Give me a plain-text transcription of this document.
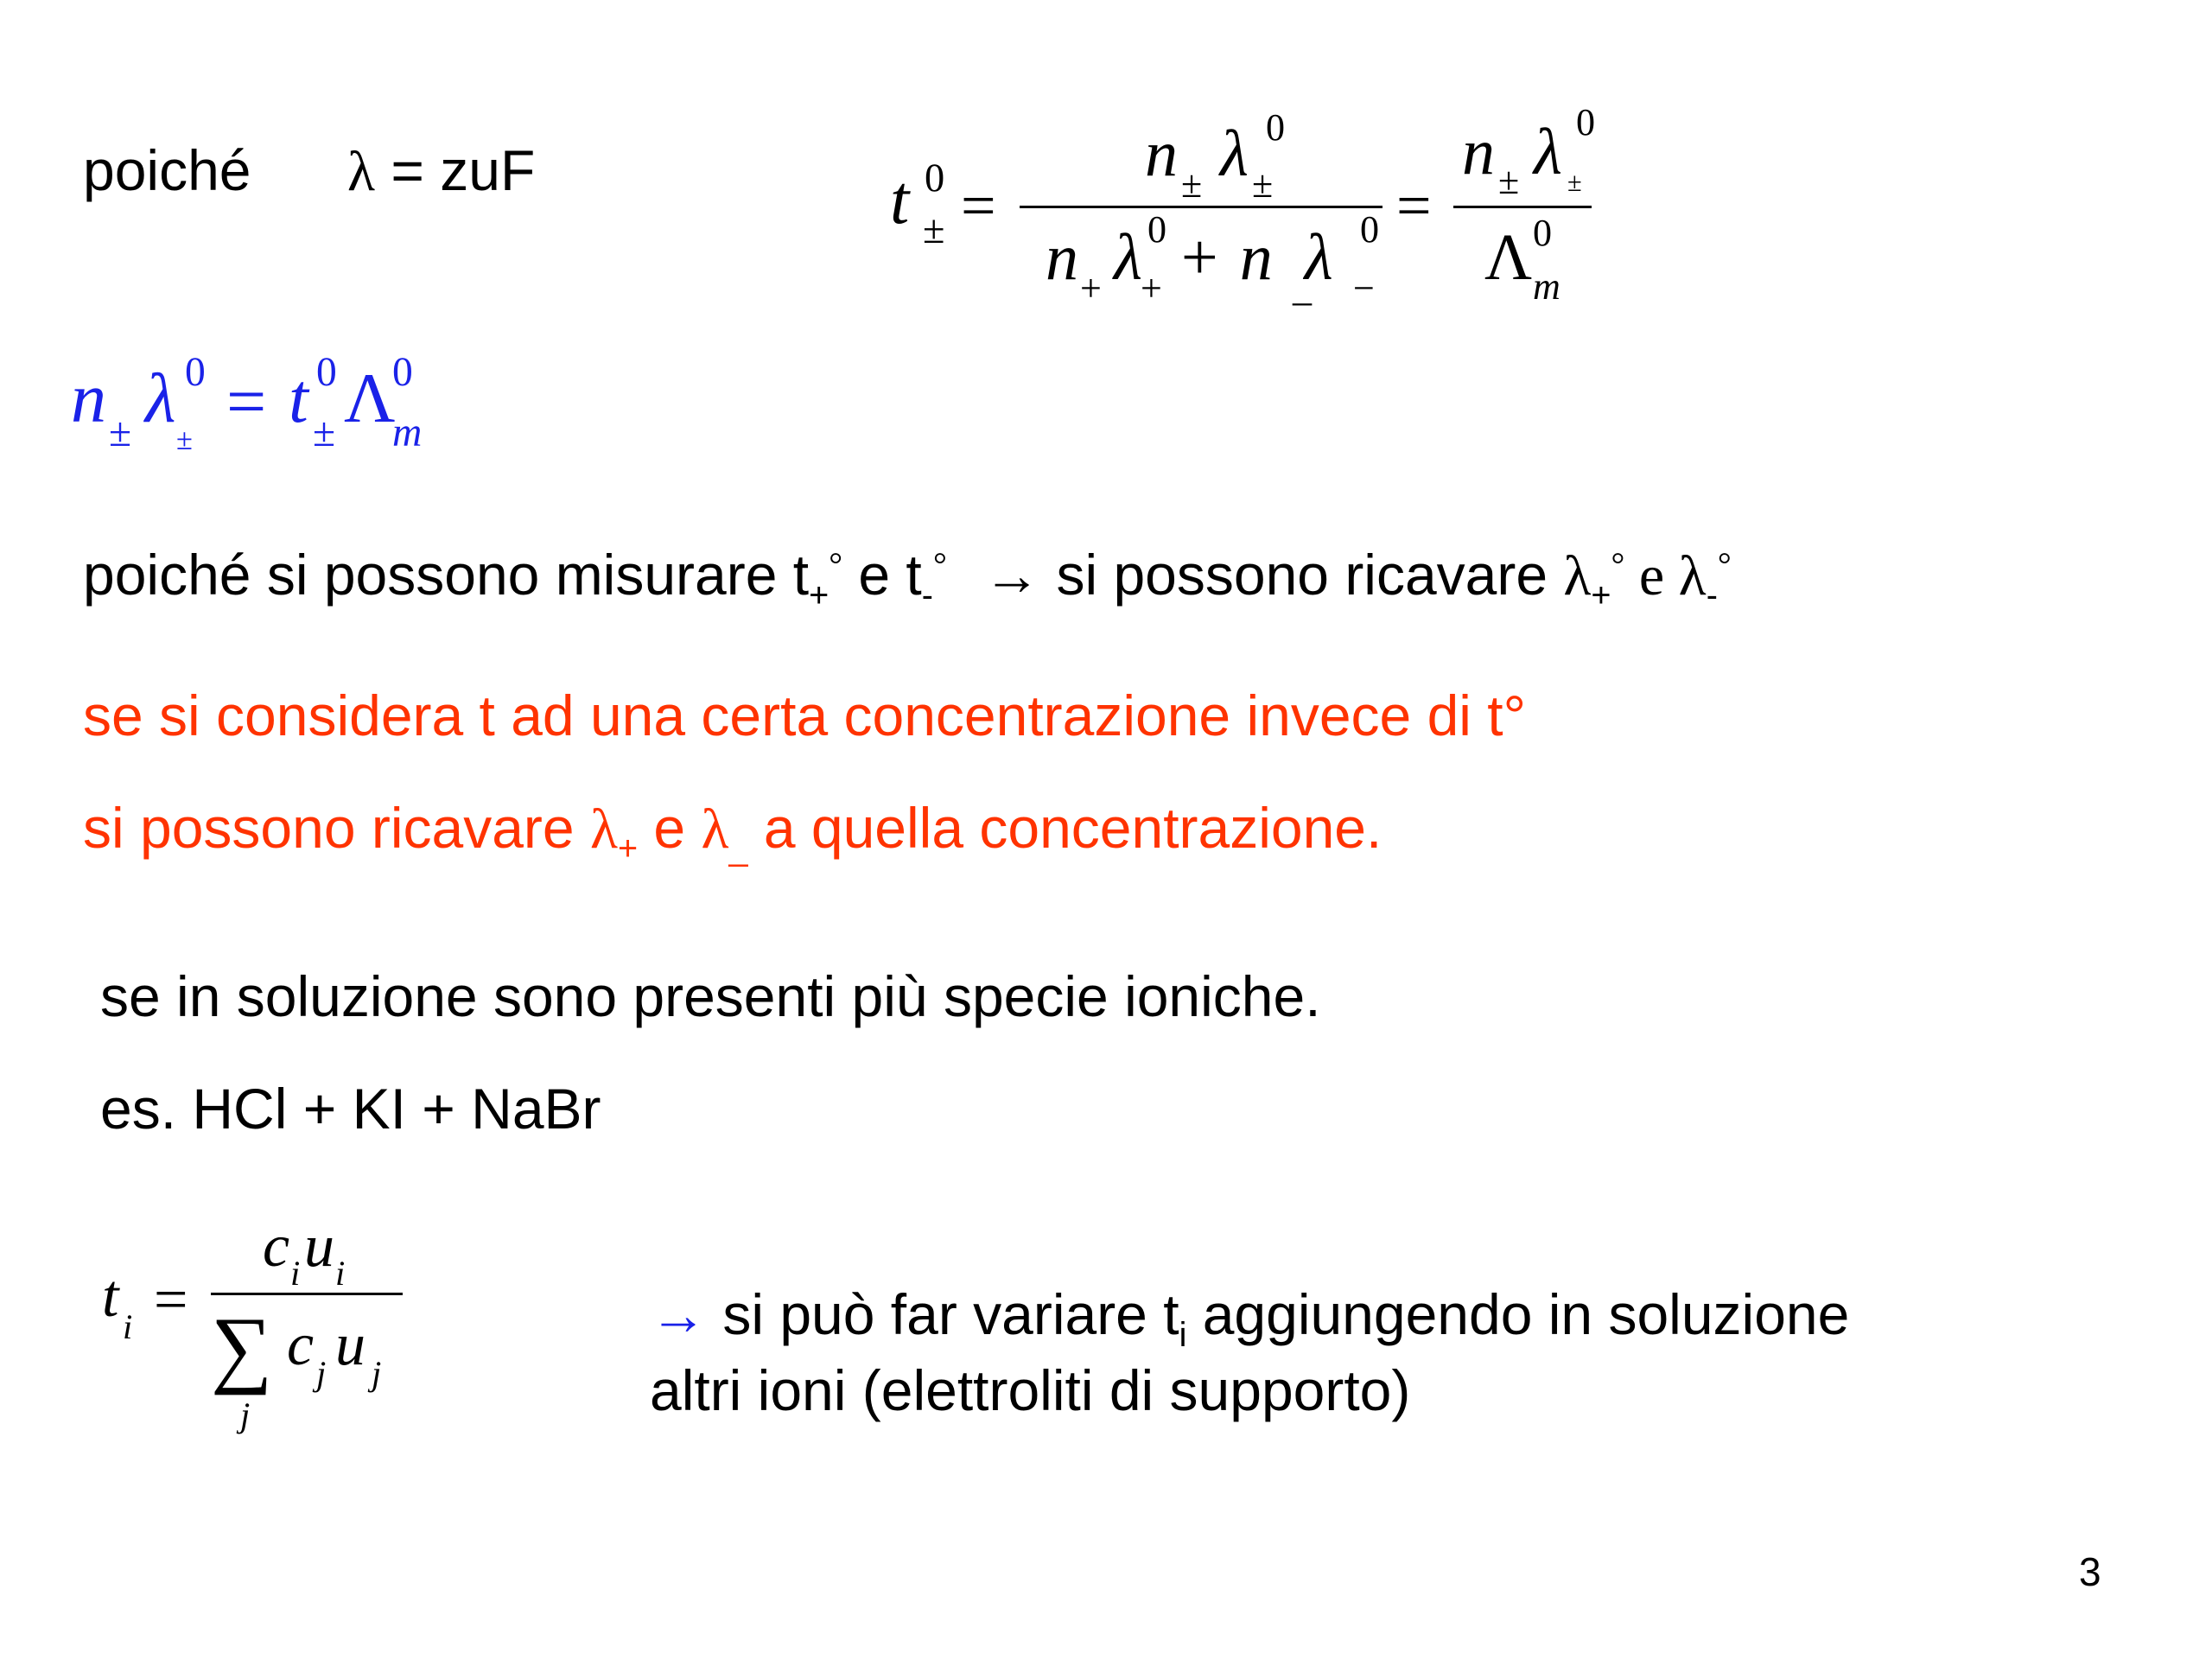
poiché λ = zuF	t 0
± =
n ± λ 0
±
n + λ 0
+ + n _
λ 0
−
=
n ± λ 0
±
Λ 0
m
n ± λ 0
± = t 0
± Λ
0
m
poiché si possono misurare $t_+^\circ$ e $t_-^\circ$ → si possono ricavare $\lambda_+^\circ$ e $\lambda_-^\circ$
se si considera t ad una certa concentrazione invece di t°
si possono ricavare $\lambda_+$ e $\lambda_{\_}$ a quella concentrazione.
se in soluzione sono presenti più specie ioniche.
es. HCl + KI + NaBr
t i =
c i u i
∑
j
c j u j
→ si può far variare $t_i$ aggiungendo in soluzione
altri ioni (elettroliti di supporto)
3
